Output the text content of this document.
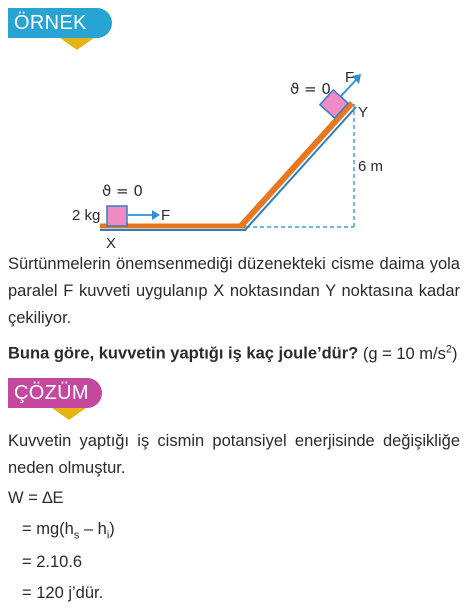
ÖRNEK
6 m
F
ϑ = 0
2 kg
X
F
ϑ = 0
Y

Sürtünmelerin önemsenmediği düzenekteki cisme daima yola paralel F kuvveti uygulanıp X noktasından Y noktasına kadar çekiliyor.

Buna göre, kuvvetin yaptığı iş kaç joule’dür? (g = 10 $m/s^2$)
ÇÖZÜM

Kuvvetin yaptığı iş cismin potansiyel enerjisinde değişikliğe neden olmuştur.

W = ∆E
= $mg(h_s - h_i)$
= 2.10.6
= 120 j’dür.
